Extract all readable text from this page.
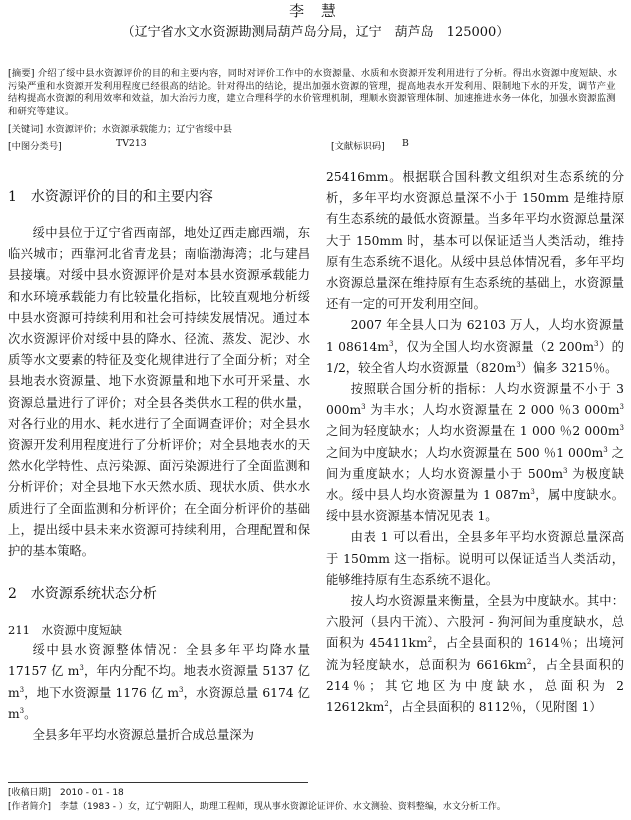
李 慧
（辽宁省水文水资源勘测局葫芦岛分局，辽宁　葫芦岛　125000）
[摘要] 介绍了绥中县水资源评价的目的和主要内容，同时对评价工作中的水资源量、水质和水资源开发利用进行了分析。得出水资源中度短缺、水污染严重和水资源开发利用程度已经很高的结论。针对得出的结论，提出加强水资源的管理，提高地表水开发利用、限制地下水的开发，调节产业结构提高水资源的利用效率和效益，加大治污力度，建立合理科学的水价管理机制，理顺水资源管理体制、加速推进水务一体化，加强水资源监测和研究等建议。
[关键词] 水资源评价；水资源承载能力；辽宁省绥中县
[中图分类号]	TV213	[文献标识码] B
1　水资源评价的目的和主要内容

绥中县位于辽宁省西南部，地处辽西走廊西端，东临兴城市；西靠河北省青龙县；南临渤海湾；北与建昌县接壤。对绥中县水资源评价是对本县水资源承载能力和水环境承载能力有比较量化指标，比较直观地分析绥中县水资源可持续利用和社会可持续发展情况。通过本次水资源评价对绥中县的降水、径流、蒸发、泥沙、水质等水文要素的特征及变化规律进行了全面分析；对全县地表水资源量、地下水资源量和地下水可开采量、水资源总量进行了评价；对全县各类供水工程的供水量，对各行业的用水、耗水进行了全面调查评价；对全县水资源开发利用程度进行了分析评价；对全县地表水的天然水化学特性、点污染源、面污染源进行了全面监测和分析评价；对全县地下水天然水质、现状水质、供水水质进行了全面监测和分析评价；在全面分析评价的基础上，提出绥中县未来水资源可持续利用，合理配置和保护的基本策略。

2　水资源系统状态分析
211　水资源中度短缺

绥中县水资源整体情况：全县多年平均降水量 17157 亿 $m^3$，年内分配不均。地表水资源量 5137 亿 $m^3$，地下水资源量 1176 亿 $m^3$，水资源总量 6174 亿 $m^3$。

全县多年平均水资源总量折合成总量深为

25416mm。根据联合国科教文组织对生态系统的分析，多年平均水资源总量深不小于 150mm 是维持原有生态系统的最低水资源量。当多年平均水资源总量深大于 150mm 时，基本可以保证适当人类活动，维持原有生态系统不退化。从绥中县总体情况看，多年平均水资源总量深在维持原有生态系统的基础上，水资源量还有一定的可开发利用空间。

2007 年全县人口为 62103 万人，人均水资源量 1 $08614m^3$，仅为全国人均水资源量（2 $200m^3$）的 1/2，较全省人均水资源量$(820m^3)$偏多 3215％。

按照联合国分析的指标：人均水资源量不小于 3 $000m^3$ 为丰水；人均水资源量在 2 000 ％3 $000m^3$ 之间为轻度缺水；人均水资源量在 1 000 ％2 $000m^3$ 之间为中度缺水；人均水资源量在 500 ％1 $000m^3$ 之间为重度缺水；人均水资源量小于 $500m^3$ 为极度缺水。绥中县人均水资源量为 1 $087m^3$，属中度缺水。绥中县水资源基本情况见表 1。

由表 1 可以看出，全县多年平均水资源总量深高于 150mm 这一指标。说明可以保证适当人类活动，能够维持原有生态系统不退化。

按人均水资源量来衡量，全县为中度缺水。其中：六股河（县内干流）、六股河 - 狗河间为重度缺水，总面积为 $45411km^2$，占全县面积的 1614％；出境河流为轻度缺水，总面积为 $6616km^2$，占全县面积的 214％；其它地区为中度缺水，总面积为 2 $12612km^2$，占全县面积的 8112％，（见附图 1）

[收稿日期]　2010 - 01 - 18
[作者简介]　李慧（1983 - ）女，辽宁朝阳人，助理工程师，现从事水资源论证评价、水文测验、资料整编，水文分析工作。
